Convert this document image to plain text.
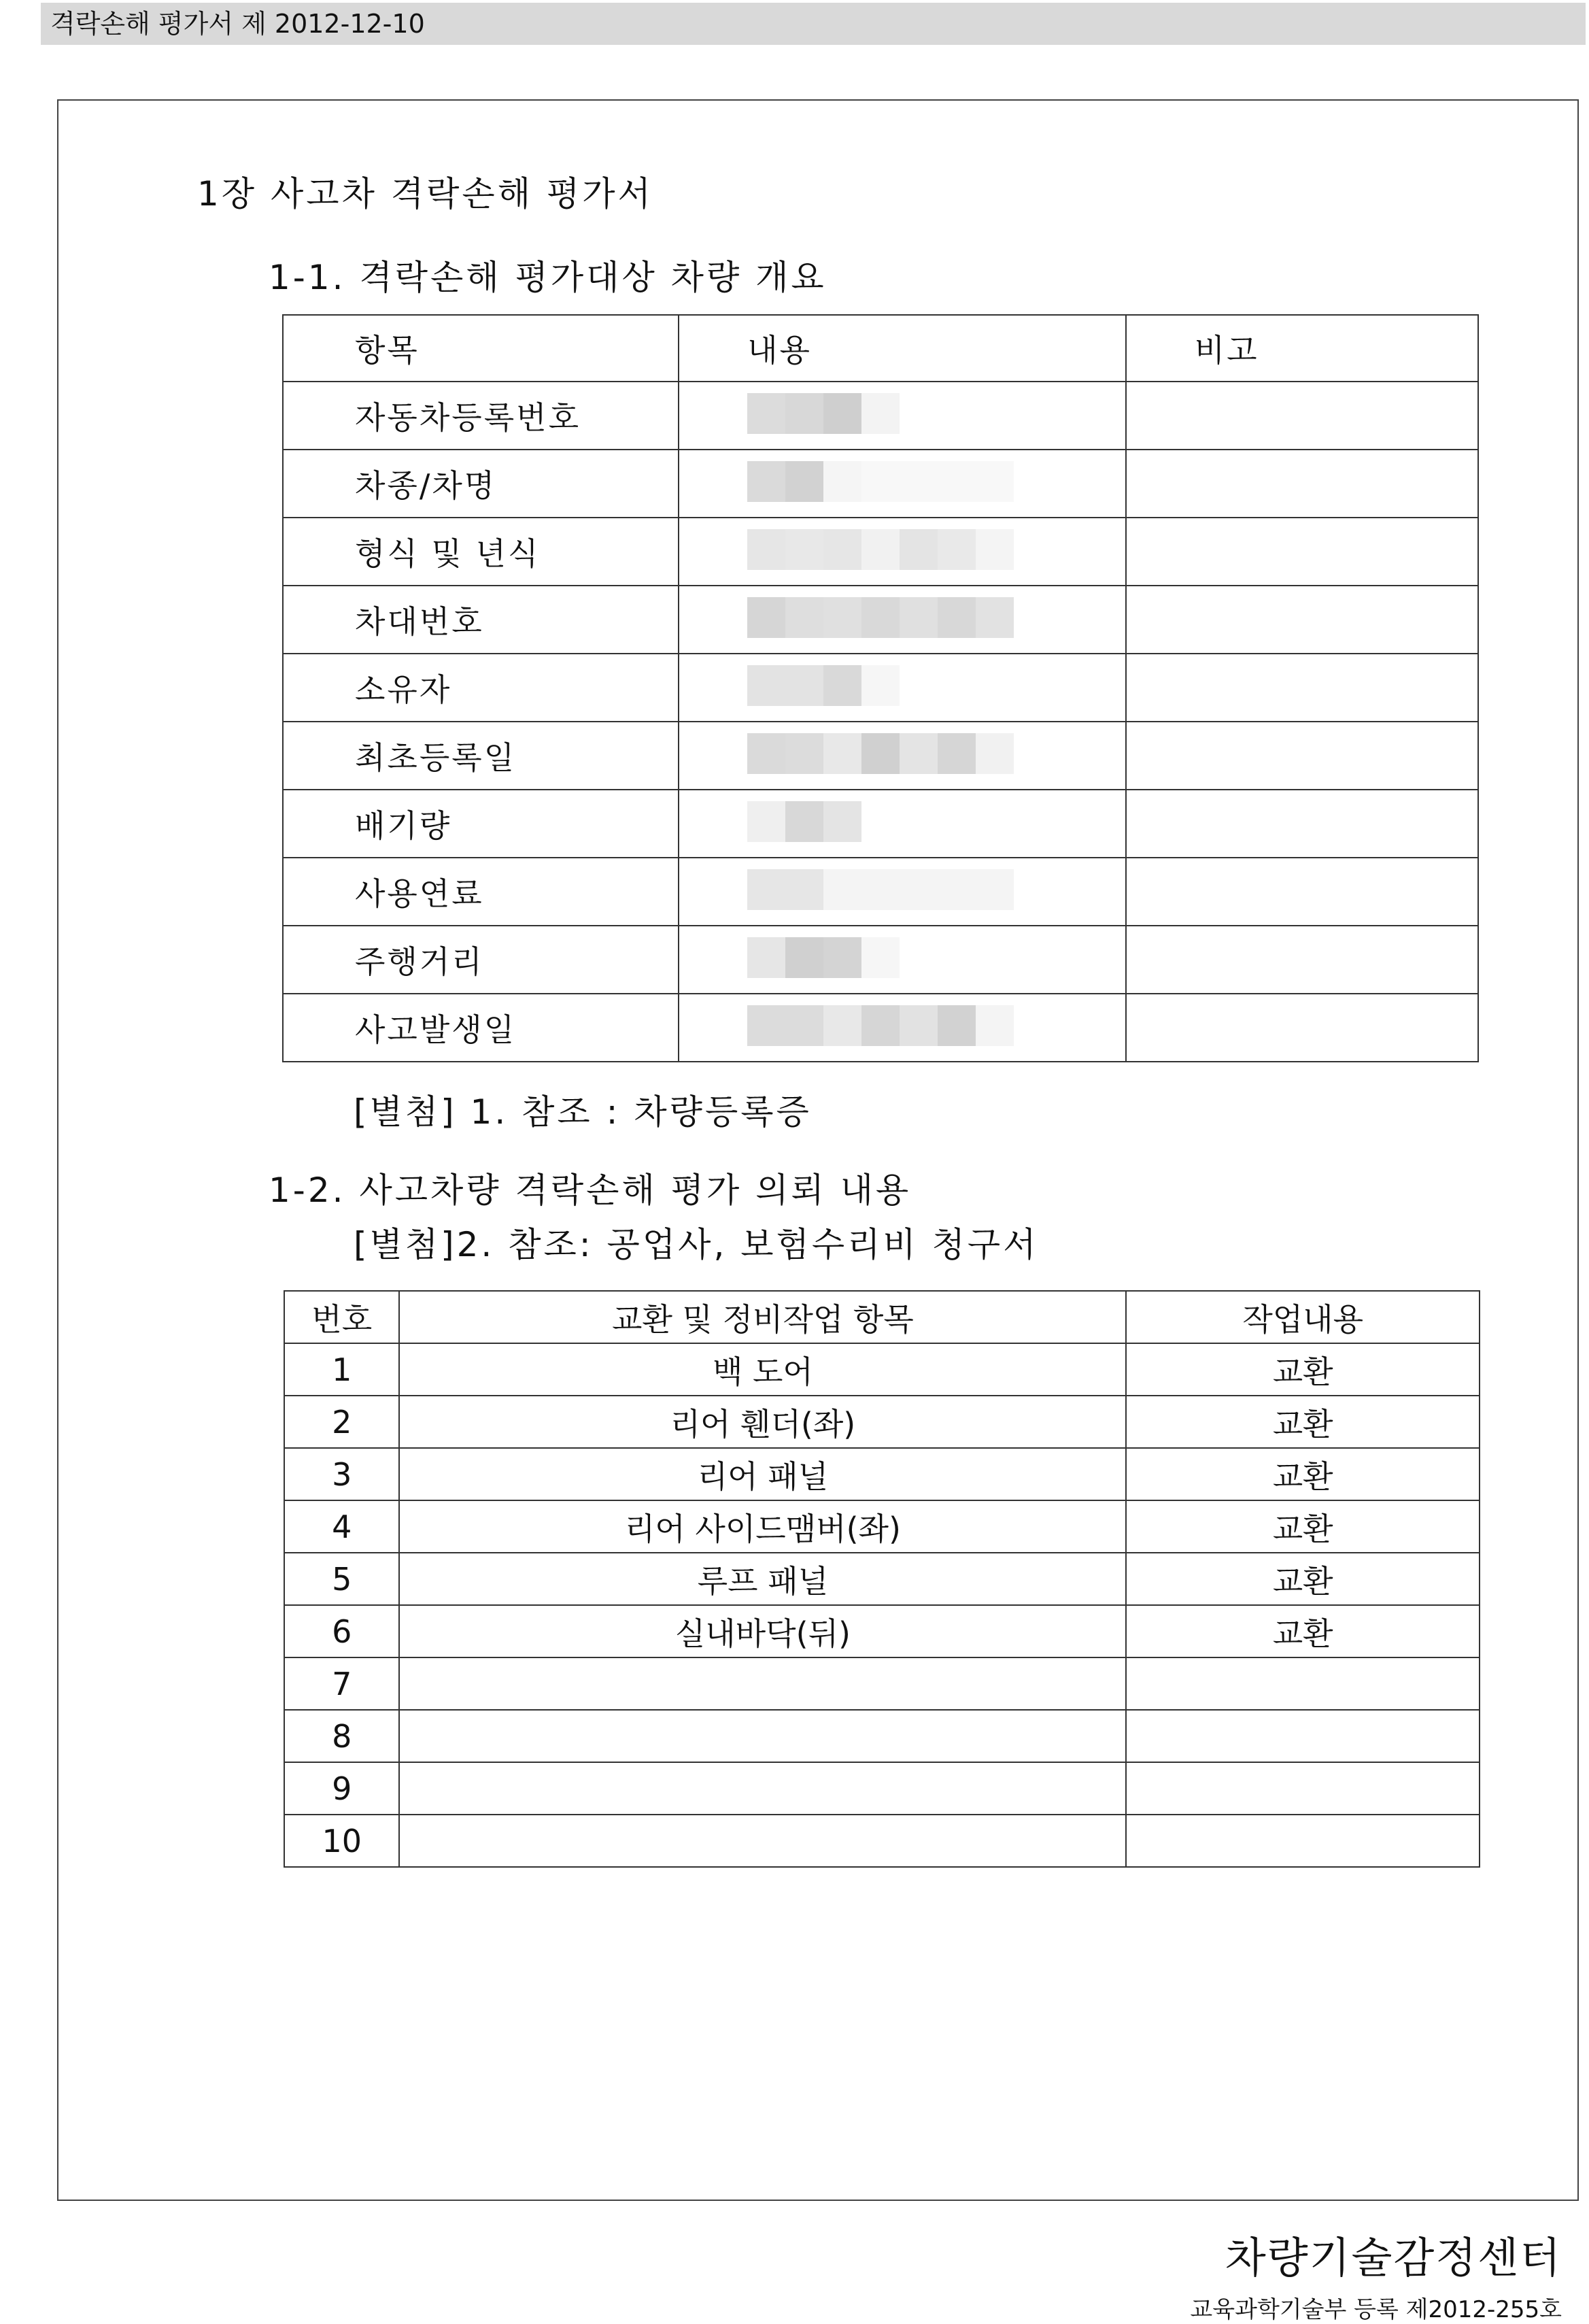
격락손해 평가서 제 2012-12-10
1장 사고차 격락손해 평가서
1-1. 격락손해 평가대상 차량 개요
항목	내용	비고
자동차등록번호	

차종/차명	

형식 및 년식	

차대번호	

소유자	

최초등록일	

배기량	

사용연료	

주행거리	

사고발생일	

[별첨] 1. 참조 : 차량등록증
1-2. 사고차량 격락손해 평가 의뢰 내용
[별첨]2. 참조: 공업사, 보험수리비 청구서
번호	교환 및 정비작업 항목	작업내용
1	백 도어	교환
2	리어 휀더(좌)	교환
3	리어 패널	교환
4	리어 사이드맴버(좌)	교환
5	루프 패널	교환
6	실내바닥(뒤)	교환
7		
8		
9		
10		
차량기술감정센터
교육과학기술부 등록 제2012-255호
